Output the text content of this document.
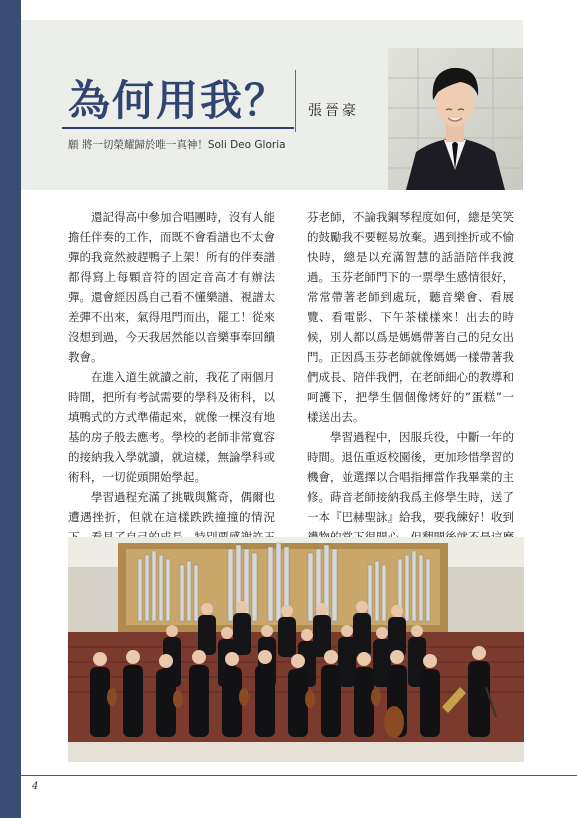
為何用我？ 張晉豪
願 將一切榮耀歸於唯一真神！Soli Deo Gloria

還記得高中參加合唱團時，沒有人能擔任伴奏的工作，而既不會看譜也不太會彈的我竟然被趕鴨子上架！所有的伴奏譜都得寫上每顆音符的固定音高才有辦法彈。還會經因爲自己看不懂樂譜、視譜太差彈不出來，氣得甩門而出，罷工！從來沒想到過，今天我居然能以音樂事奉回饋教會。

在進入道生就讀之前，我花了兩個月時間，把所有考試需要的學科及術科，以填鴨式的方式準備起來，就像一棵沒有地基的房子般去應考。學校的老師非常寬容的接納我入學就讀，就這樣，無論學科或術科，一切從頭開始學起。

學習過程充滿了挑戰與驚奇，偶爾也遭遇挫折，但就在這樣跌跌撞撞的情況

芬老師，不論我鋼琴程度如何，總是笑笑的鼓勵我不要輕易放棄。遇到挫折或不愉快時，總是以充滿智慧的話語陪伴我渡過。玉芬老師門下的一票學生感情很好，常常帶著老師到處玩，聽音樂會、看展覽、看電影、下午茶樣樣來！出去的時候，別人都以爲是媽媽帶著自己的兒女出門。正因爲玉芬老師就像媽媽一樣帶著我們成長、陪伴我們，在老師細心的教導和呵護下，把學生個個像烤好的”蛋糕”一樣送出去。

學習過程中，因服兵役，中斷一年的時間。退伍重返校園後，更加珍惜學習的機會，並選擇以合唱指揮當作我畢業的主修。蒔音老師接納我爲主修學生時，送了一本『巴赫聖詠』給我，要我練好！收到

4
